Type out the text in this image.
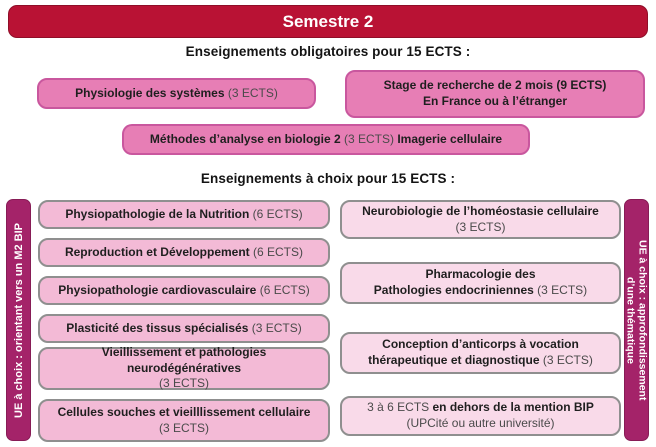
Semestre 2
Enseignements obligatoires pour 15 ECTS :
Physiologie des systèmes (3 ECTS)
Stage de recherche de 2 mois (9 ECTS)
En France ou à l’étranger
Méthodes d’analyse en biologie 2 (3 ECTS) Imagerie cellulaire
Enseignements à choix pour 15 ECTS :
UE à choix : orientant vers un M2 BIP	UE à choix : approfondissement
d’une thématique
Physiopathologie de la Nutrition (6 ECTS)
Reproduction et Développement (6 ECTS)
Physiopathologie cardiovasculaire (6 ECTS)
Plasticité des tissus spécialisés (3 ECTS)
Vieillissement et pathologies neurodégénératives
(3 ECTS)
Cellules souches et vieilllissement cellulaire
(3 ECTS)
Neurobiologie de l’homéostasie cellulaire
(3 ECTS)
Pharmacologie des
Pathologies endocriniennes (3 ECTS)
Conception d’anticorps à vocation
thérapeutique et diagnostique (3 ECTS)
3 à 6 ECTS en dehors de la mention BIP
(UPCité ou autre université)
